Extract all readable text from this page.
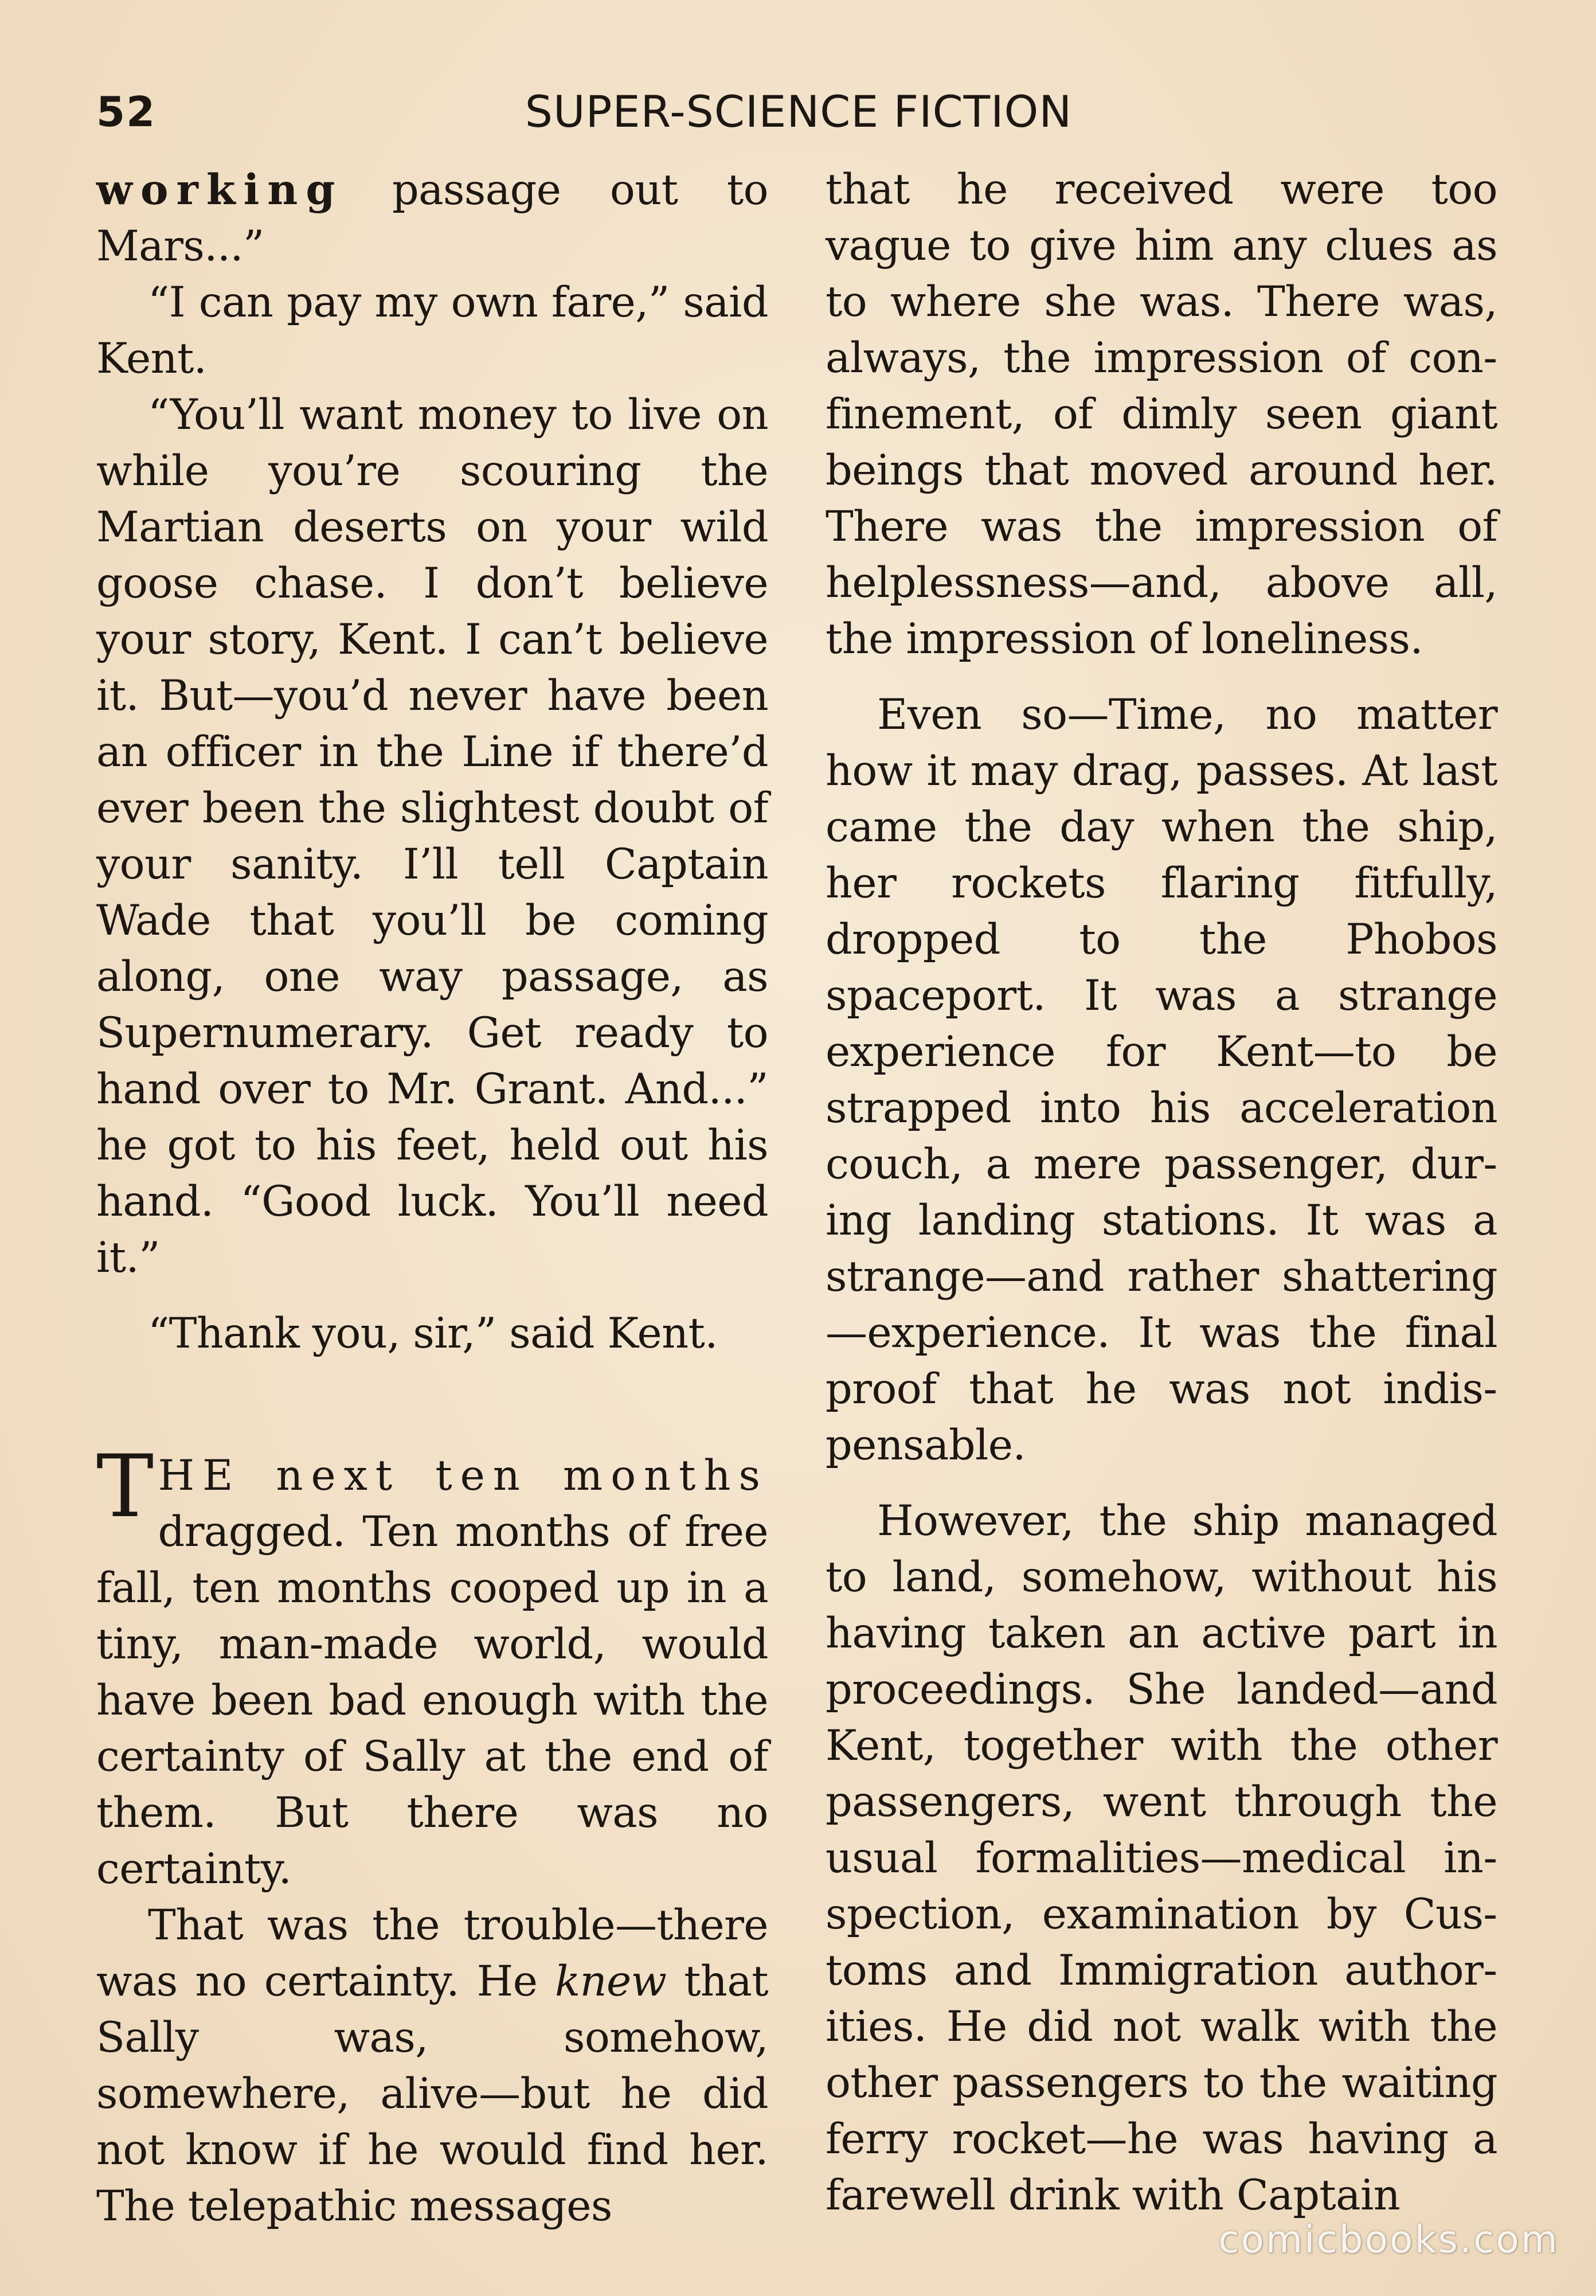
52	SUPER-SCIENCE FICTION

working passage out to Mars...”

“I can pay my own fare,” said Kent.

“You’ll want money to live on while you’re scouring the Martian deserts on your wild goose chase. I don’t believe your story, Kent. I can’t believe it. But—you’d never have been an officer in the Line if there’d ever been the slightest doubt of your sanity. I’ll tell Captain Wade that you’ll be coming along, one way passage, as Supernumerary. Get ready to hand over to Mr. Grant. And...” he got to his feet, held out his hand. “Good luck. You’ll need it.”

“Thank you, sir,” said Kent.

THE next ten months dragged. Ten months of free fall, ten months cooped up in a tiny, man-made world, would have been bad enough with the certainty of Sally at the end of them. But there was no certainty.

That was the trouble—there was no certainty. He knew that Sally was, somehow, somewhere, alive—but he did not know if he would find her. The telepathic messages

that he received were too vague to give him any clues as to where she was. There was, always, the impression of confinement, of dimly seen giant beings that moved around her. There was the impression of helplessness—and, above all, the impression of loneliness.

Even so—Time, no matter how it may drag, passes. At last came the day when the ship, her rockets flaring fitfully, dropped to the Phobos spaceport. It was a strange experience for Kent—to be strapped into his acceleration couch, a mere passenger, during landing stations. It was a strange—and rather shattering —experience. It was the final proof that he was not indispensable.

However, the ship managed to land, somehow, without his having taken an active part in proceedings. She landed—and Kent, together with the other passengers, went through the usual formalities—medical inspection, examination by Customs and Immigration authorities. He did not walk with the other passengers to the waiting ferry rocket—he was having a farewell drink with Captain

comicbooks.com
